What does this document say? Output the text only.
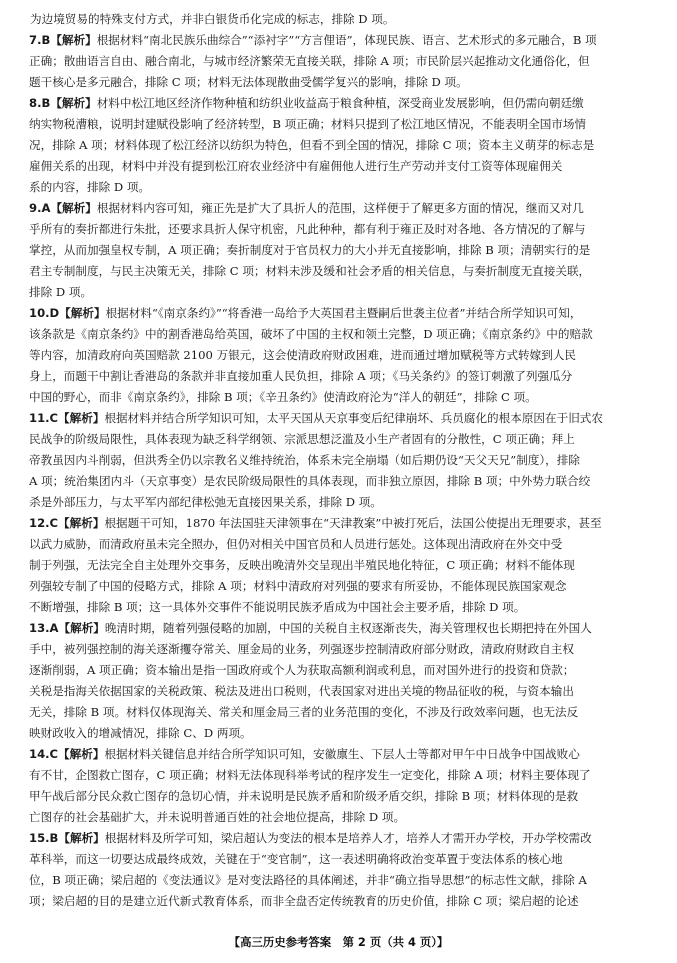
为边境贸易的特殊支付方式，并非白银货币化完成的标志，排除 D 项。

7.B【解析】根据材料“南北民族乐曲综合”“添衬字”“方言俚语”，体现民族、语言、艺术形式的多元融合，B 项
正确；散曲语言自由、融合南北，与城市经济繁荣无直接关联，排除 A 项；市民阶层兴起推动文化通俗化，但
题干核心是多元融合，排除 C 项；材料无法体现散曲受儒学复兴的影响，排除 D 项。
8.B【解析】材料中松江地区经济作物种植和纺织业收益高于粮食种植，深受商业发展影响，但仍需向朝廷缴
纳实物税漕粮，说明封建赋役影响了经济转型，B 项正确；材料只提到了松江地区情况，不能表明全国市场情
况，排除 A 项；材料体现了松江经济以纺织为特色，但看不到全国的情况，排除 C 项；资本主义萌芽的标志是
雇佣关系的出现，材料中并没有提到松江府农业经济中有雇佣他人进行生产劳动并支付工资等体现雇佣关
系的内容，排除 D 项。
9.A【解析】根据材料内容可知，雍正先是扩大了具折人的范围，这样便于了解更多方面的情况，继而又对几
乎所有的奏折都进行朱批，还要求具折人保守机密，凡此种种，都有利于雍正及时对各地、各方情况的了解与
掌控，从而加强皇权专制，A 项正确；奏折制度对于官员权力的大小并无直接影响，排除 B 项；清朝实行的是
君主专制制度，与民主决策无关，排除 C 项；材料未涉及缓和社会矛盾的相关信息，与奏折制度无直接关联，
排除 D 项。
10.D【解析】根据材料“《南京条约》”“将香港一岛给予大英国君主暨嗣后世袭主位者”并结合所学知识可知，
该条款是《南京条约》中的割香港岛给英国，破坏了中国的主权和领土完整，D 项正确；《南京条约》中的赔款
等内容，加清政府向英国赔款 2100 万银元，这会使清政府财政困难，进而通过增加赋税等方式转嫁到人民
身上，而题干中割让香港岛的条款并非直接加重人民负担，排除 A 项；《马关条约》的签订刺激了列强瓜分
中国的野心，而非《南京条约》，排除 B 项；《辛丑条约》使清政府沦为“洋人的朝廷”，排除 C 项。
11.C【解析】根据材料并结合所学知识可知，太平天国从天京事变后纪律崩坏、兵员腐化的根本原因在于旧式农
民战争的阶级局限性，具体表现为缺乏科学纲领、宗派思想泛滥及小生产者固有的分散性，C 项正确；拜上
帝教虽因内斗削弱，但洪秀全仍以宗教名义维持统治，体系未完全崩塌（如后期仍设“天父天兄”制度），排除
A 项；统治集团内斗（天京事变）是农民阶级局限性的具体表现，而非独立原因，排除 B 项；中外势力联合绞
杀是外部压力，与太平军内部纪律松弛无直接因果关系，排除 D 项。
12.C【解析】根据题干可知，1870 年法国驻天津领事在“天津教案”中被打死后，法国公使提出无理要求，甚至
以武力威胁，而清政府虽未完全照办，但仍对相关中国官员和人员进行惩处。这体现出清政府在外交中受
制于列强，无法完全自主处理外交事务，反映出晚清外交呈现出半殖民地化特征，C 项正确；材料不能体现
列强较专制了中国的侵略方式，排除 A 项；材料中清政府对列强的要求有所妥协，不能体现民族国家观念
不断增强，排除 B 项；这一具体外交事件不能说明民族矛盾成为中国社会主要矛盾，排除 D 项。
13.A【解析】晚清时期，随着列强侵略的加剧，中国的关税自主权逐渐丧失，海关管理权也长期把持在外国人
手中，被列强控制的海关逐渐攫夺常关、厘金局的业务，列强逐步控制清政府部分财政，清政府财政自主权
逐渐削弱，A 项正确；资本输出是指一国政府或个人为获取高额利润或利息，而对国外进行的投资和贷款；
关税是指海关依据国家的关税政策、税法及进出口税则，代表国家对进出关境的物品征收的税，与资本输出
无关，排除 B 项。材料仅体现海关、常关和厘金局三者的业务范围的变化，不涉及行政效率问题，也无法反
映财政收入的增减情况，排除 C、D 两项。
14.C【解析】根据材料关键信息并结合所学知识可知，安徽廪生、下层人士等都对甲午中日战争中国战败心
有不甘，企图救亡图存，C 项正确；材料无法体现科举考试的程序发生一定变化，排除 A 项；材料主要体现了
甲午战后部分民众救亡图存的急切心情，并未说明是民族矛盾和阶级矛盾交织，排除 B 项；材料体现的是救
亡图存的社会基础扩大，并未说明普通百姓的社会地位提高，排除 D 项。
15.B【解析】根据材料及所学可知，梁启超认为变法的根本是培养人才，培养人才需开办学校，开办学校需改
革科举，而这一切要达成最终成效，关键在于“变官制”，这一表述明确将政治变革置于变法体系的核心地
位，B 项正确；梁启超的《变法通议》是对变法路径的具体阐述，并非“确立指导思想”的标志性文献，排除 A
项；梁启超的目的是建立近代新式教育体系，而非全盘否定传统教育的历史价值，排除 C 项；梁启超的论述
【高三历史参考答案　第 2 页（共 4 页）】
